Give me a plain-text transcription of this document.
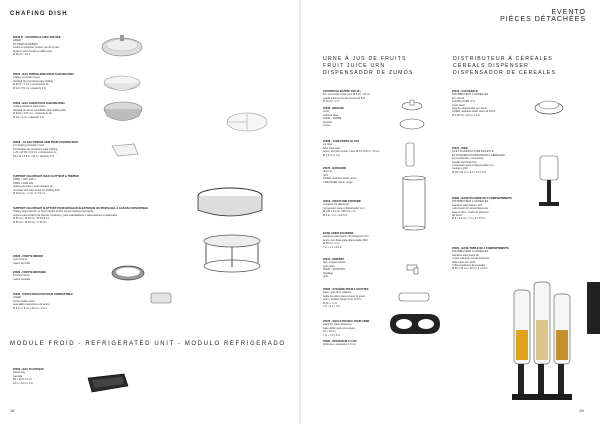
CHAFING DISH
25016 R - COUVERCLE AVEC BOUTÉE
ACIER
ET PIEDS ÉTAMPÉS
cuivré et améliorer pentes, fermé et plus
bords et sans bords ou taille selon
Ø 33 cm - 24 h
25073 - BAC PORCELAINE POUR CHAFING DISH
chafing porcelain insert
bandeja de porcelana para chafing
Ø 33,5 x 7 cm • contenance 3L
Ø 14 x 5,5 cm • capacity 3 lit
25062 - BAC ACIER POUR CHAFING DISH
chafing stainless steel insert
bandeja de acero inoxidable para chafing dish
Ø 33,5 x 10,5 cm • contenance 3L
Ø 14 x 4 cm • capacity 3 lit
26038 - 1/4 BAC PORCELAINE POUR CHAFING DISH
1/4 chafing porcelain insert
1/4 bandeja de porcelana para chafing
L 26 x W 15 x 6,6 cm • contenance 1L
Dim 11 x 5.8 in • 24 h • capacity 1 lit
SUPPORT CHAUFFANT AVEC FLOTTEUR & TRÉPIED
25080 • 120 / 240 V
25081 • GRÉ 24V
heating element • heat indicator kit
hot plate with thermostat for chafing dish
Ø 10,5 cm • 7 cm • h 7,5 cm
SUPPORT CHAUFFANT FLOTTANT POUR BRÛLEUR ÉLECTRIQUE OU POSTE-GEL À GAS EN CONVERTIBLE
chafing stand electric or fuel / handle and/or burner heating heat spray
soporte para chafing de fuentes movibles y para calentadores o calentadores o pedestales
Ø 35 cm • Ø 40 cm • Ø 31,5 cm
Ø 50 cm • Ø 13 cm • h 30 cm
25035 - FRETTE MIROIR
mirror frame
marco de brillo
25029 - FRETTE BROSSÉE
brushed frame
marco brosado
25039 - POSTE-BRÛLEUR POUR COMBUSTIBLE
ACIER
burner holder steel
quemador mecanismo de acero
Ø 8 cm • 9 cm • 20 cm • 2 cm
MODULE FROID - REFRIGERATED UNIT - MODULO REFRIGERADO
25009 - BAC PLASTIQUE
plastic tray
bandeja
56 x 32,5 x 6 cm
22 in • 14 in • 2 in
18
EVENTO
PIÈCES DÉTACHÉES
URNE À JUS DE FRUITS
FRUIT JUICE URN
DISPENSADOR DE ZUMOS
DISTRIBUTEUR À CÉRÉALES
CEREALS DISPENSER
DISPENSADOR DE CEREALES
COUVERCLE MAÎTRE 40/8 10+
lid • couvercle ronde pour Ø 8,45 - 25 cm
ayuda para la urna de zumos de 8 lit
Ø 13 cm • 2 in
25049 - BROCHE
cover
cubierta tapa
25040 - VERRE
bouclier
verres
25098 - TUBE PORTE-GLACE
ice tube
tubo para hielo
acero, de tubo-simple, nourr Ø 15 % Ø 3 x 70 cm
Ø 2,5 cm • 2 in
25072 - BOISSONS
diner at
gel's
ACIER, stainless steel, acero
• BROSSÉE, black, negro
25059 - PIED D'UNE FONTAINE
container for dispenser
contenedor para el dispensador con
Ø 145 x 24 cm • 500 ml • 1 h
Ø 3 in • 1 h • 4 Ø 3 in
BASE ACIER 9/10 RINSE
stainless steel stand - Ø l'dispenser 0 lit
acero, con base para dispensador 9/10
Ø 35 cm • 2 in
7 in • 1 h • 2,5 in
25044 - ROBINET
tap • support faucet
grifo robot
25040 - SUPPORT
bandage
grifo
25060 - ÉTAGÈRE POUR 3 GOUTTES
steel - grid-drop collector
rejilla de acero para recoger el goteo
acero, deslice hacia l'urne 10,5 in
Ø 32 x 7 cm
7 in • 3 in • 3 in
25070 - SOCLE DOUBLE POUR URNE
stand for black dispenser
base doble para urna negra
32 x 16 cm
7 in • 7 in • 6 in
25080 - ÉPAISSEUR 1,5 CM
thickness • épaisseur 1,5 cm
25073 - COUVERCLE
DISTRIBUTEUR À CÉRÉALES
lid • cereal
FONTE ACIER (T1)
cover steel
tapa de dispensador con fonte
ACIER, stainless steel, acero Ø 3/8 lit
Ø 3,25 cm • 24 cm • 2 in
25074 - PIED
FILET D'AGRICULTURE MOLETTE
ET POIGNÉE DISTRIBUTEUR À CÉRÉALES
leg and handle • cereal keg
handle and dispenser
contenedor para el dispensador con
ruedas y grifo
Ø 18 x 20 cm • 4 h • 4,5 x 8 in
25080 - BASE ÉTAGÈRE DE 3 COMPARTIMENTS
DISTRIBUTEUR À CÉRÉALES
stainless steel stand • with
• aluminum for cereal dispenser
base e tubo • rondo de pared en
de acero
Ø 9 x 22 cm • 7 in • 9 x 8,5 in
25081 - BASE TRIPLE DE 3 COMPARTIMENTS
DISTRIBUTEUR À CÉRÉALES
stainless steel stand for
• triple stand for cereal dispenser
base triple con socle
3 dispensadores de cereales
Ø 55 x 25 cm • 18 in • 9 x 10 in
69
